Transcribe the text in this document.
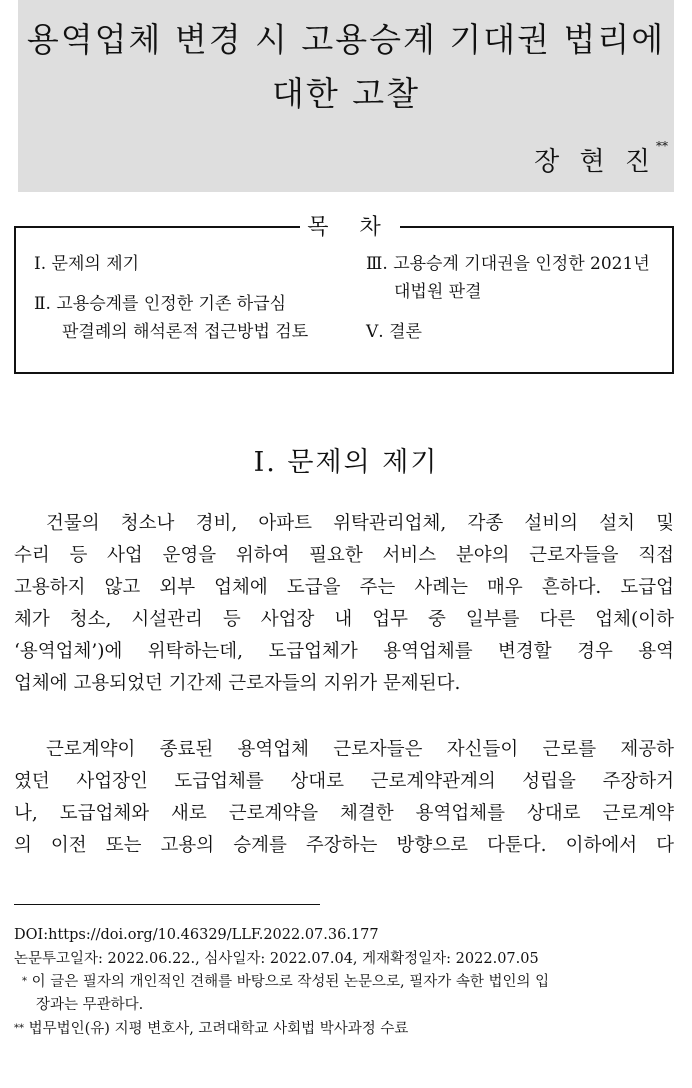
용역업체 변경 시 고용승계 기대권 법리에
대한 고찰
장 현 진**
목 차
Ⅰ. 문제의 제기
Ⅱ. 고용승계를 인정한 기존 하급심
판결례의 해석론적 접근방법 검토
Ⅲ. 고용승계 기대권을 인정한 2021년
대법원 판결
Ⅴ. 결론
Ⅰ. 문제의 제기
건물의 청소나 경비, 아파트 위탁관리업체, 각종 설비의 설치 및
수리 등 사업 운영을 위하여 필요한 서비스 분야의 근로자들을 직접
고용하지 않고 외부 업체에 도급을 주는 사례는 매우 흔하다. 도급업
체가 청소, 시설관리 등 사업장 내 업무 중 일부를 다른 업체(이하
‘용역업체’)에 위탁하는데, 도급업체가 용역업체를 변경할 경우 용역
업체에 고용되었던 기간제 근로자들의 지위가 문제된다.
근로계약이 종료된 용역업체 근로자들은 자신들이 근로를 제공하
였던 사업장인 도급업체를 상대로 근로계약관계의 성립을 주장하거
나, 도급업체와 새로 근로계약을 체결한 용역업체를 상대로 근로계약
의 이전 또는 고용의 승계를 주장하는 방향으로 다툰다. 이하에서 다
DOI:https://doi.org/10.46329/LLF.2022.07.36.177
논문투고일자: 2022.06.22., 심사일자: 2022.07.04, 게재확정일자: 2022.07.05
* 이 글은 필자의 개인적인 견해를 바탕으로 작성된 논문으로, 필자가 속한 법인의 입
장과는 무관하다.
** 법무법인(유) 지평 변호사, 고려대학교 사회법 박사과정 수료
